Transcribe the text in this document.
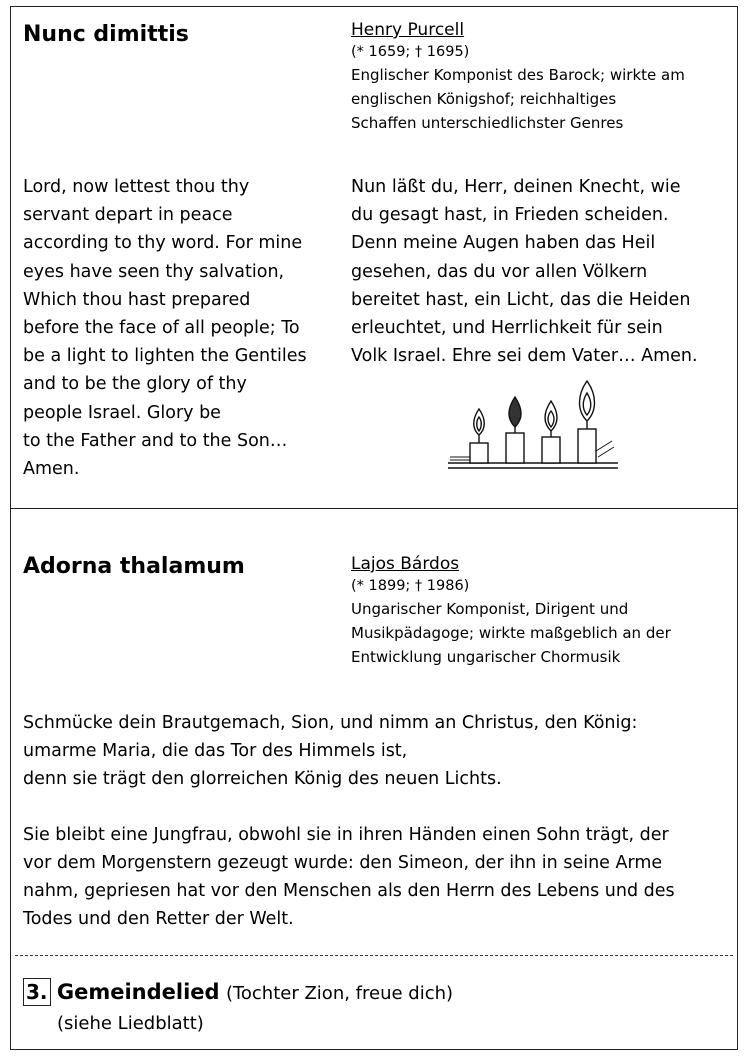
Nunc dimittis	Henry Purcell
(* 1659; † 1695)
Englischer Komponist des Barock; wirkte am
englischen Königshof; reichhaltiges
Schaffen unterschiedlichster Genres

Lord, now lettest thou thy
servant depart in peace
according to thy word. For mine
eyes have seen thy salvation,
Which thou hast prepared
before the face of all people; To
be a light to lighten the Gentiles
and to be the glory of thy
people Israel. Glory be
to the Father and to the Son…
Amen.

Nun läßt du, Herr, deinen Knecht, wie
du gesagt hast, in Frieden scheiden.
Denn meine Augen haben das Heil
gesehen, das du vor allen Völkern
bereitet hast, ein Licht, das die Heiden
erleuchtet, und Herrlichkeit für sein
Volk Israel. Ehre sei dem Vater… Amen.

Adorna thalamum	Lajos Bárdos
(* 1899; † 1986)
Ungarischer Komponist, Dirigent und
Musikpädagoge; wirkte maßgeblich an der
Entwicklung ungarischer Chormusik

Schmücke dein Brautgemach, Sion, und nimm an Christus, den König:
umarme Maria, die das Tor des Himmels ist,
denn sie trägt den glorreichen König des neuen Lichts.

Sie bleibt eine Jungfrau, obwohl sie in ihren Händen einen Sohn trägt, der
vor dem Morgenstern gezeugt wurde: den Simeon, der ihn in seine Arme
nahm, gepriesen hat vor den Menschen als den Herrn des Lebens und des
Todes und den Retter der Welt.

3. Gemeindelied (Tochter Zion, freue dich)
(siehe Liedblatt)
